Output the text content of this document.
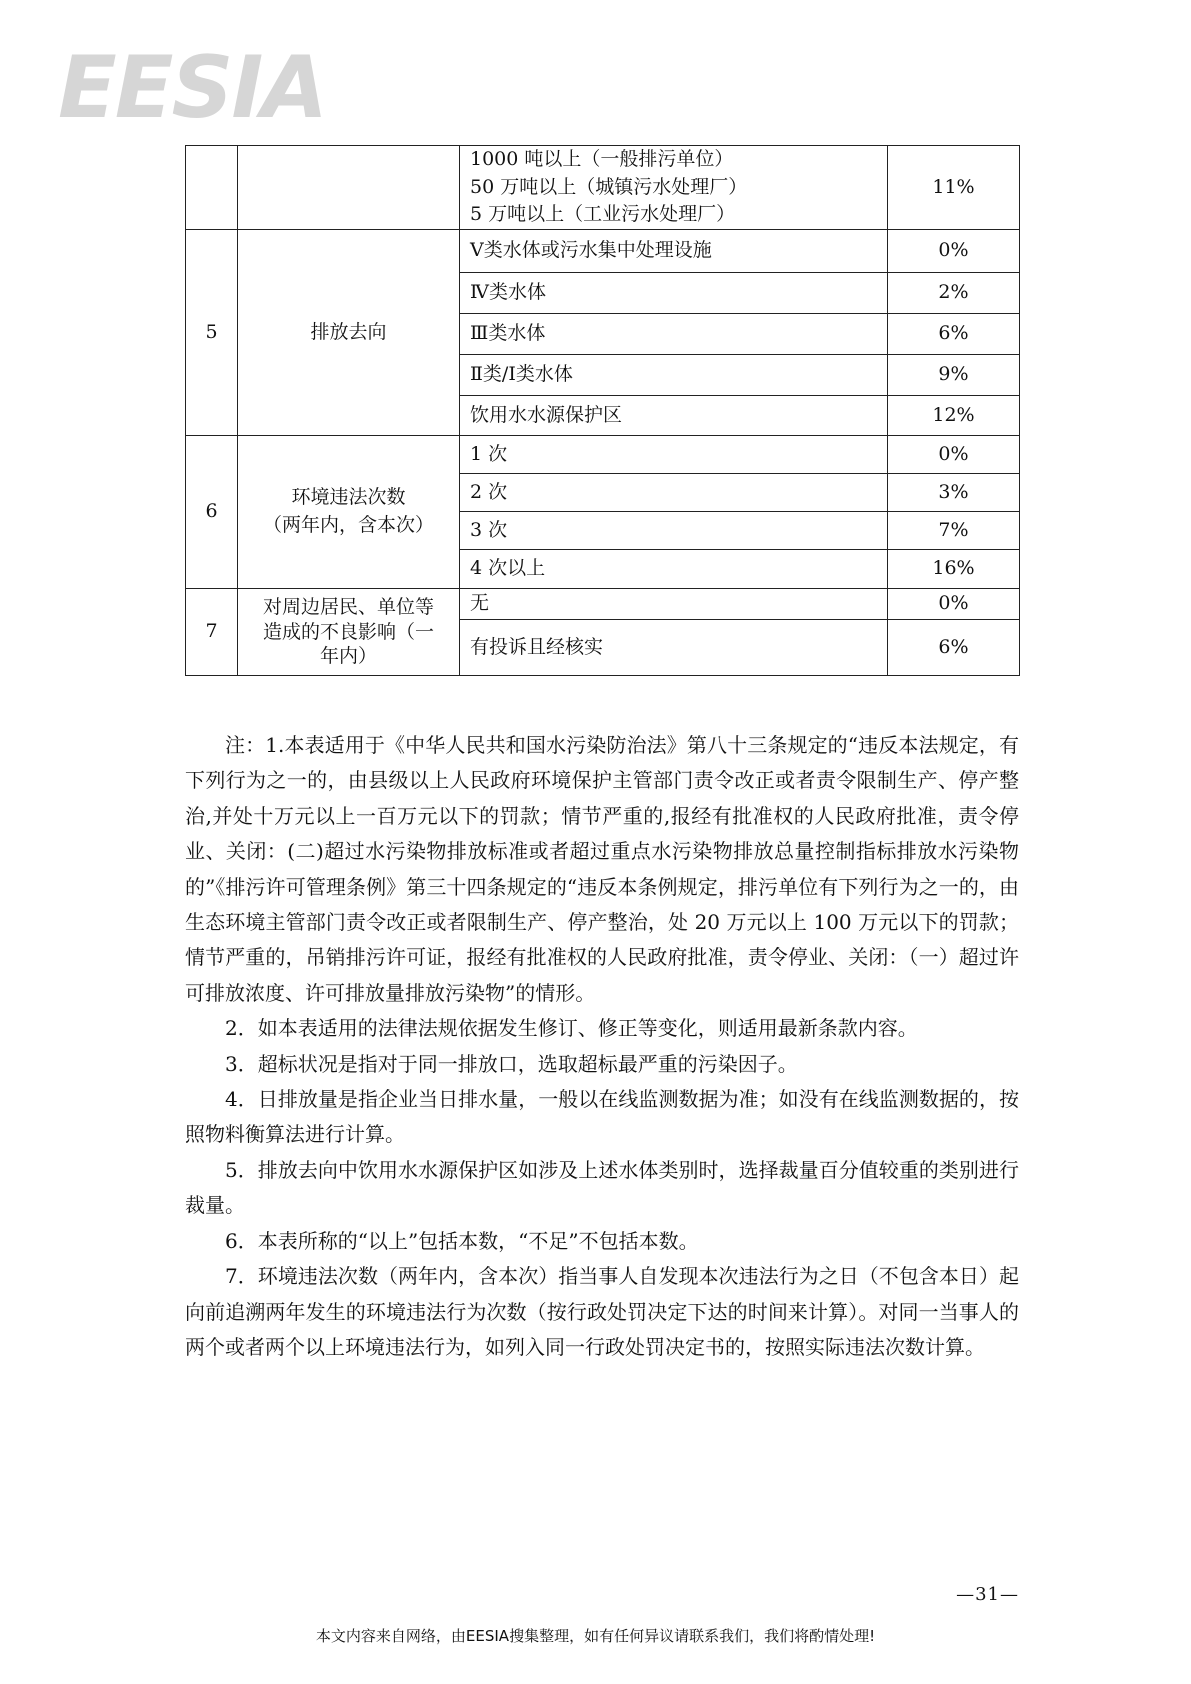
EESIA

		1000 吨以上（一般排污单位）
50 万吨以上（城镇污水处理厂）
5 万吨以上（工业污水处理厂）	11%
5	排放去向	Ⅴ类水体或污水集中处理设施	0%
		Ⅳ类水体	2%
		Ⅲ类水体	6%
		Ⅱ类/Ⅰ类水体	9%
		饮用水水源保护区	12%
6	环境违法次数
（两年内，含本次）	1 次	0%
		2 次	3%
		3 次	7%
		4 次以上	16%
7	对周边居民、单位等
造成的不良影响（一
年内）	无	0%
		有投诉且经核实	6%

注：1.本表适用于《中华人民共和国水污染防治法》第八十三条规定的“违反本法规定，有下列行为之一的，由县级以上人民政府环境保护主管部门责令改正或者责令限制生产、停产整治,并处十万元以上一百万元以下的罚款；情节严重的,报经有批准权的人民政府批准，责令停业、关闭：(二)超过水污染物排放标准或者超过重点水污染物排放总量控制指标排放水污染物的”《排污许可管理条例》第三十四条规定的“违反本条例规定，排污单位有下列行为之一的，由生态环境主管部门责令改正或者限制生产、停产整治，处 20 万元以上 100 万元以下的罚款；情节严重的，吊销排污许可证，报经有批准权的人民政府批准，责令停业、关闭：（一）超过许可排放浓度、许可排放量排放污染物”的情形。

2．如本表适用的法律法规依据发生修订、修正等变化，则适用最新条款内容。

3．超标状况是指对于同一排放口，选取超标最严重的污染因子。

4．日排放量是指企业当日排水量，一般以在线监测数据为准；如没有在线监测数据的，按照物料衡算法进行计算。

5．排放去向中饮用水水源保护区如涉及上述水体类别时，选择裁量百分值较重的类别进行裁量。

6．本表所称的“以上”包括本数，“不足”不包括本数。

7．环境违法次数（两年内，含本次）指当事人自发现本次违法行为之日（不包含本日）起向前追溯两年发生的环境违法行为次数（按行政处罚决定下达的时间来计算）。对同一当事人的两个或者两个以上环境违法行为，如列入同一行政处罚决定书的，按照实际违法次数计算。

—31—
本文内容来自网络，由EESIA搜集整理，如有任何异议请联系我们，我们将酌情处理!
